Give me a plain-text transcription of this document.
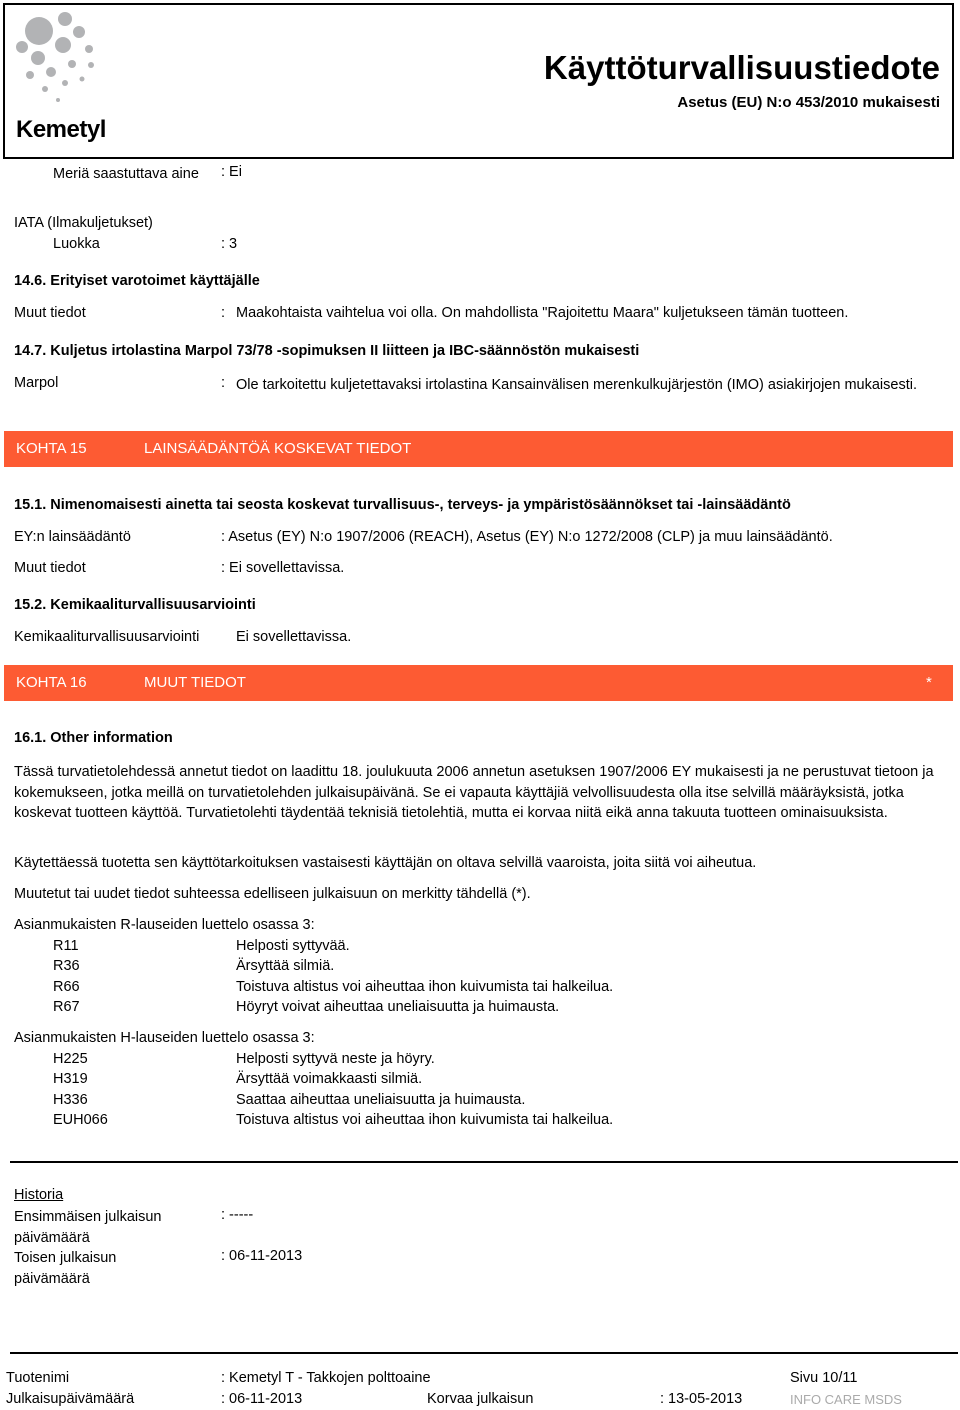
Kemetyl
Käyttöturvallisuustiedote
Asetus (EU) N:o 453/2010 mukaisesti
Meriä saastuttava aine : Ei
IATA (Ilmakuljetukset)
Luokka	: 3
14.6. Erityiset varotoimet käyttäjälle
Muut tiedot	: Maakohtaista vaihtelua voi olla. On mahdollista "Rajoitettu Maara" kuljetukseen tämän tuotteen.
14.7. Kuljetus irtolastina Marpol 73/78 -sopimuksen II liitteen ja IBC-säännöstön mukaisesti
Marpol	: Ole tarkoitettu kuljetettavaksi irtolastina Kansainvälisen merenkulkujärjestön (IMO) asiakirjojen mukaisesti.
KOHTA 15	LAINSÄÄDÄNTÖÄ KOSKEVAT TIEDOT
15.1. Nimenomaisesti ainetta tai seosta koskevat turvallisuus-, terveys- ja ympäristösäännökset tai -lainsäädäntö
EY:n lainsäädäntö	: Asetus (EY) N:o 1907/2006 (REACH), Asetus (EY) N:o 1272/2008 (CLP) ja muu lainsäädäntö.
Muut tiedot	: Ei sovellettavissa.
15.2. Kemikaaliturvallisuusarviointi
Kemikaaliturvallisuusarviointi	Ei sovellettavissa.
KOHTA 16	MUUT TIEDOT	*
16.1. Other information
Tässä turvatietolehdessä annetut tiedot on laadittu 18. joulukuuta 2006 annetun asetuksen 1907/2006 EY mukaisesti ja ne perustuvat tietoon ja kokemukseen, jotka meillä on turvatietolehden julkaisupäivänä. Se ei vapauta käyttäjiä velvollisuudesta olla itse selvillä määräyksistä, jotka koskevat tuotteen käyttöä. Turvatietolehti täydentää teknisiä tietolehtiä, mutta ei korvaa niitä eikä anna takuuta tuotteen ominaisuuksista.
Käytettäessä tuotetta sen käyttötarkoituksen vastaisesti käyttäjän on oltava selvillä vaaroista, joita siitä voi aiheutua.
Muutetut tai uudet tiedot suhteessa edelliseen julkaisuun on merkitty tähdellä (*).
Asianmukaisten R-lauseiden luettelo osassa 3:
R11	Helposti syttyvää.
R36	Ärsyttää silmiä.
R66	Toistuva altistus voi aiheuttaa ihon kuivumista tai halkeilua.
R67	Höyryt voivat aiheuttaa uneliaisuutta ja huimausta.
Asianmukaisten H-lauseiden luettelo osassa 3:
H225	Helposti syttyvä neste ja höyry.
H319	Ärsyttää voimakkaasti silmiä.
H336	Saattaa aiheuttaa uneliaisuutta ja huimausta.
EUH066	Toistuva altistus voi aiheuttaa ihon kuivumista tai halkeilua.
Historia
Ensimmäisen julkaisun päivämäärä
: -----
Toisen julkaisun päivämäärä
: 06-11-2013
Tuotenimi	: Kemetyl T - Takkojen polttoaine	Sivu 10/11
Julkaisupäivämäärä	: 06-11-2013	Korvaa julkaisun	: 13-05-2013	INFO CARE MSDS
